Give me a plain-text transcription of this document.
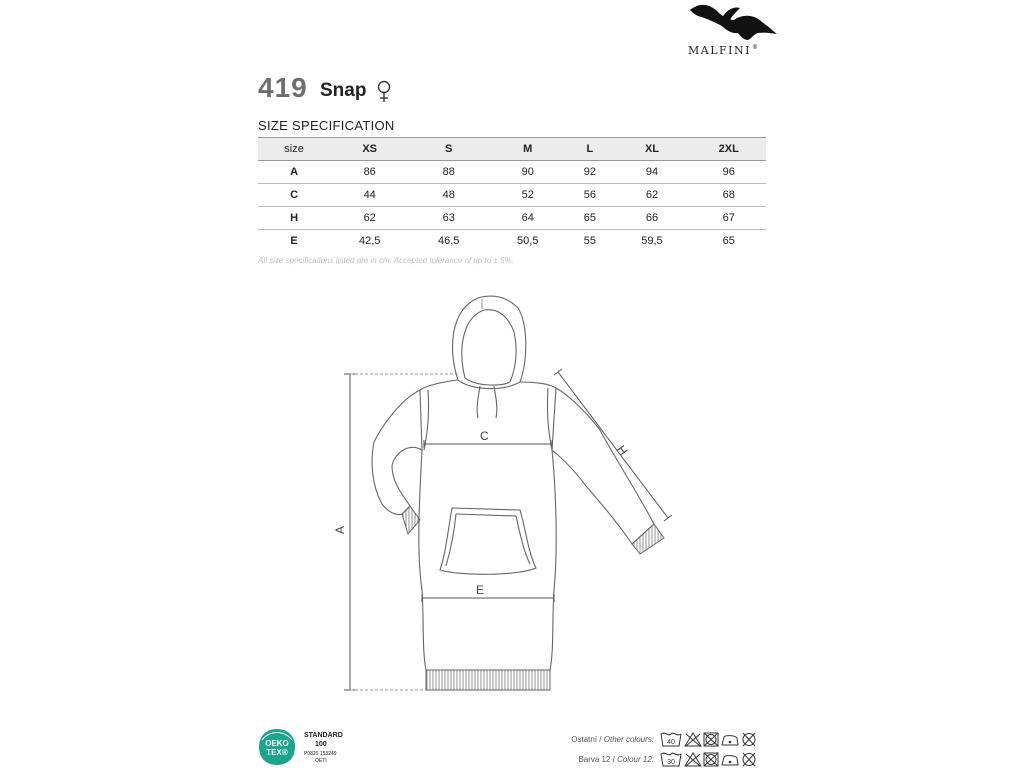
MALFINI®
419 Snap
SIZE SPECIFICATION
size	XS	S	M	L	XL	2XL
A	86	88	90	92	94	96
C	44	48	52	56	62	68
H	62	63	64	65	66	67
E	42,5	46,5	50,5	55	59,5	65
All size specifications listed are in cm. Accepted tolerance of up to ± 5%.
A
C
E
H
OEKO
TEX®
STANDARD
100
P0820 153249
OETI
Ostatní / Other colours: 40
Barva 12 / Colour 12: 30
